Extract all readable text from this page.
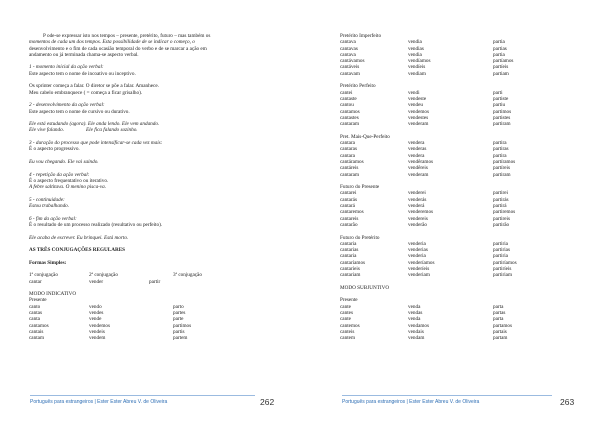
P ode-se expressar isto nos tempos – presente, pretérito, futuro – mas também os

momentos de cada um dos tempos. Esta possibilidade de se indicar o começo, o

desenvolvimento e o fim de cada ocasião temporal do verbo e de se marcar a ação em

andamento ou já terminada chama-se aspecto verbal.

1 - momento inicial da ação verbal:

Este aspecto tem o nome de incoativo ou inceptivo.

Os sprinter começa a falar. O diretor se põe a falar. Amanhece.

Meu cabelo embranquece ( = começa a ficar grisalho).

2 - desenvolvimento da ação verbal:

Este aspecto tem o nome de cursivo ou durativo.

Ele está estudando (agora). Ele anda lendo. Ele vem andando.

Ele vive falando.	Ele fica falando sozinho.

3 - duração do processo que pode intensificar-se cada vez mais:

É o aspecto progressivo.

Eu vou chegando. Ele vai saindo.

4 - repetição da ação verbal:

É o aspecto frequentativo ou iterativo.

A febre saltitava. O menino pisca-va.

5 - continuidade:

Estou trabalhando.

6 - fim da ação verbal:

É o resultado de um processo realizado (resultativo ou perfeito).

Ele acaba de escrever. Eu brinquei. Está morto.

AS TRÊS CONJUGAÇÕES REGULARES

Formas Simples:

1ª conjugação	2ª conjugação	3ª conjugação
cantar	vender	partir

MODO INDICATIVO

Presente

canto	vendo	parto
cantas	vendes	partes
canta	vende	parte
cantamos	vendemos	partimos
cantais	vendeis	partis
cantam	vendem	partem
Português para estrangeiros | Ester Ester Abreu V. de Oliveira	262

Pretérito Imperfeito

cantava	vendia	partia
cantavas	vendias	partias
cantava	vendia	partia
cantávamos	vendíamos	partíamos
cantáveis	vendíeis	partíeis
cantavam	vendiam	partiam

Pretérito Perfeito

cantei	vendi	parti
cantaste	vendeste	partiste
cantou	vendeu	partiu
cantamos	vendemos	partimos
cantastes	vendestes	partistes
cantaram	venderam	partiram

Pret. Mais-Que-Perfeito

cantara	vendera	partira
cantaras	venderas	partiras
cantara	vendera	partira
cantáramos	vendêramos	partíramos
cantáreis	vendêreis	partíreis
cantaram	venderam	partiram

Futuro do Presente

cantarei	venderei	partirei
cantarás	venderás	partirás
cantará	venderá	partirá
cantaremos	venderemos	partiremos
cantareis	vendereis	partireis
cantarão	venderão	partirão

Futuro do Pretérito

cantaria	venderia	partiria
cantarias	venderias	partirias
cantaria	venderia	partiria
cantaríamos	venderíamos	partiríamos
cantaríeis	venderíeis	partiríeis
cantariam	venderiam	partiriam

MODO SUBJUNTIVO

Presente

cante	venda	parta
cantes	vendas	partas
cante	venda	parta
cantemos	vendamos	partamos
canteis	vendais	partais
cantem	vendam	partam
Português para estrangeiros | Ester Ester Abreu V. de Oliveira	263
